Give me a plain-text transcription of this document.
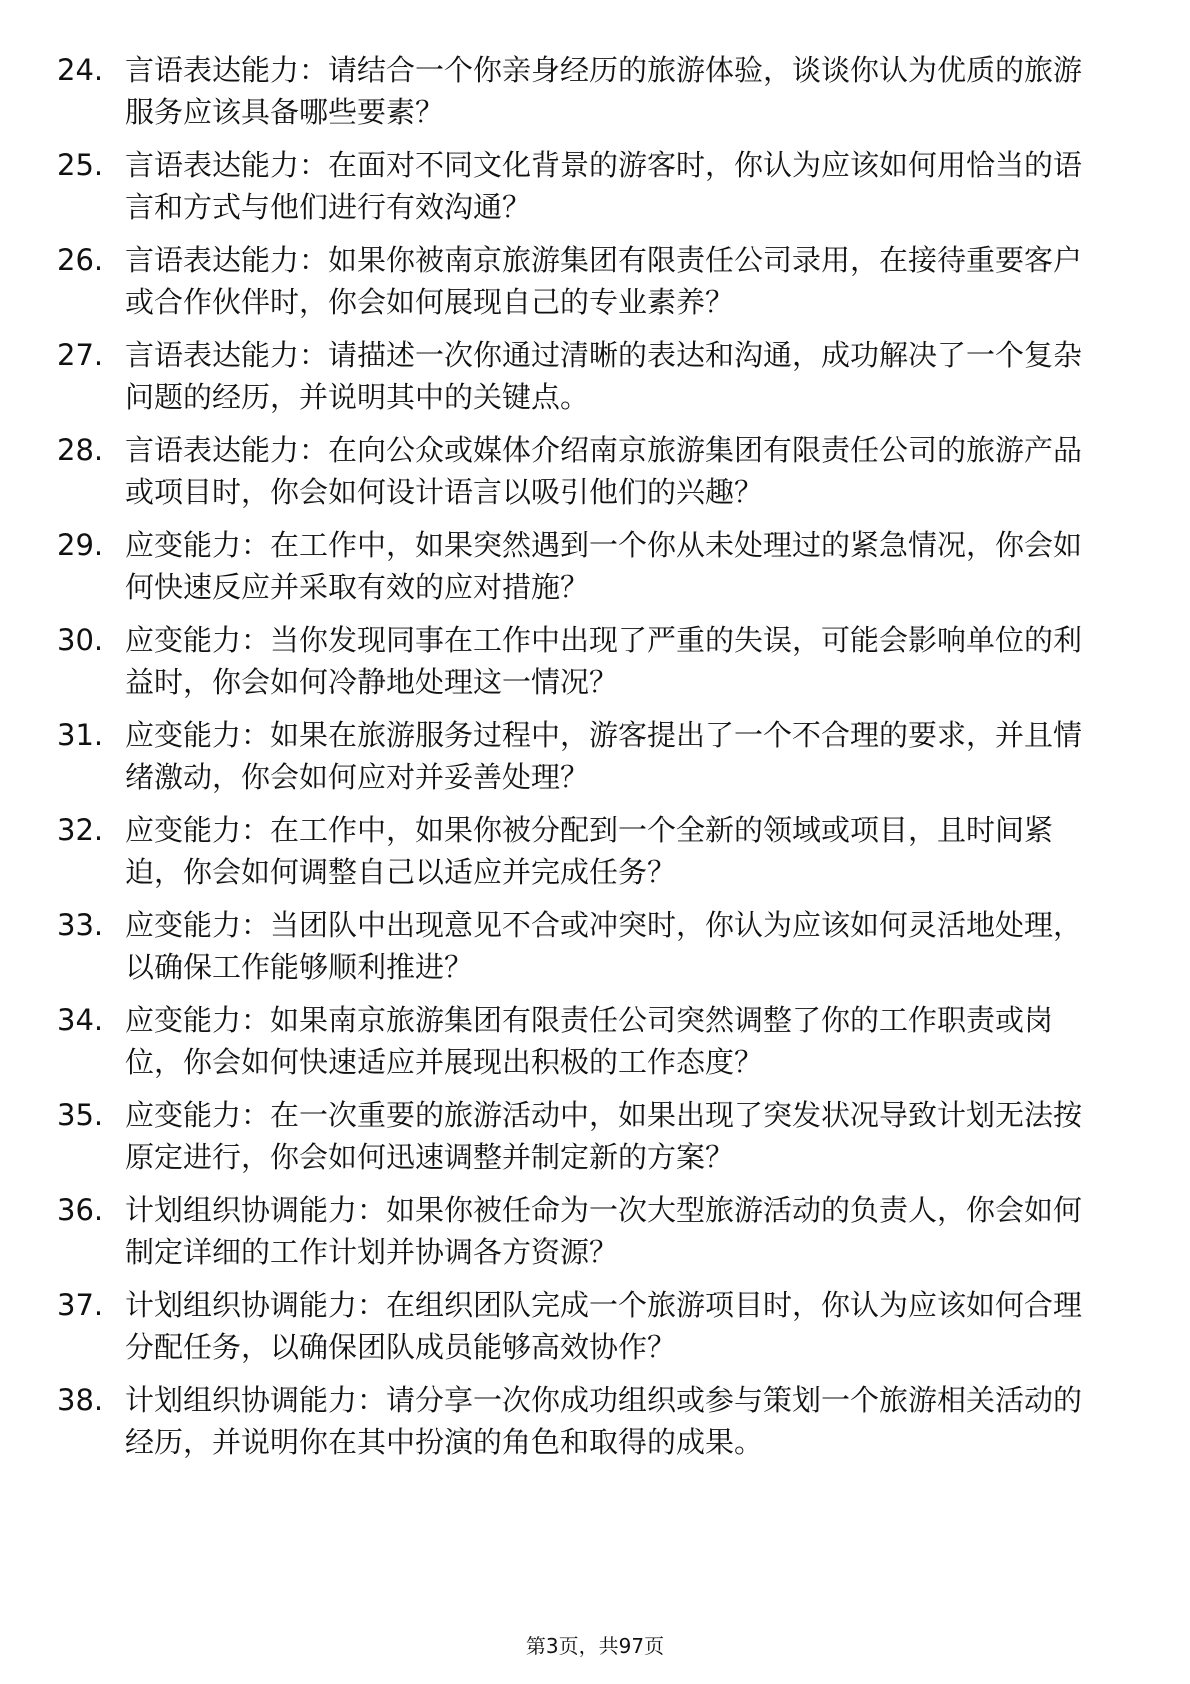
24. 言语表达能力：请结合一个你亲身经历的旅游体验，谈谈你认为优质的旅游服务应该具备哪些要素？
25. 言语表达能力：在面对不同文化背景的游客时，你认为应该如何用恰当的语言和方式与他们进行有效沟通？
26. 言语表达能力：如果你被南京旅游集团有限责任公司录用，在接待重要客户或合作伙伴时，你会如何展现自己的专业素养？
27. 言语表达能力：请描述一次你通过清晰的表达和沟通，成功解决了一个复杂问题的经历，并说明其中的关键点。
28. 言语表达能力：在向公众或媒体介绍南京旅游集团有限责任公司的旅游产品或项目时，你会如何设计语言以吸引他们的兴趣？
29. 应变能力：在工作中，如果突然遇到一个你从未处理过的紧急情况，你会如何快速反应并采取有效的应对措施？
30. 应变能力：当你发现同事在工作中出现了严重的失误，可能会影响单位的利益时，你会如何冷静地处理这一情况？
31. 应变能力：如果在旅游服务过程中，游客提出了一个不合理的要求，并且情绪激动，你会如何应对并妥善处理？
32. 应变能力：在工作中，如果你被分配到一个全新的领域或项目，且时间紧迫，你会如何调整自己以适应并完成任务？
33. 应变能力：当团队中出现意见不合或冲突时，你认为应该如何灵活地处理，以确保工作能够顺利推进？
34. 应变能力：如果南京旅游集团有限责任公司突然调整了你的工作职责或岗位，你会如何快速适应并展现出积极的工作态度？
35. 应变能力：在一次重要的旅游活动中，如果出现了突发状况导致计划无法按原定进行，你会如何迅速调整并制定新的方案？
36. 计划组织协调能力：如果你被任命为一次大型旅游活动的负责人，你会如何制定详细的工作计划并协调各方资源？
37. 计划组织协调能力：在组织团队完成一个旅游项目时，你认为应该如何合理分配任务，以确保团队成员能够高效协作？
38. 计划组织协调能力：请分享一次你成功组织或参与策划一个旅游相关活动的经历，并说明你在其中扮演的角色和取得的成果。
第3页，共97页
